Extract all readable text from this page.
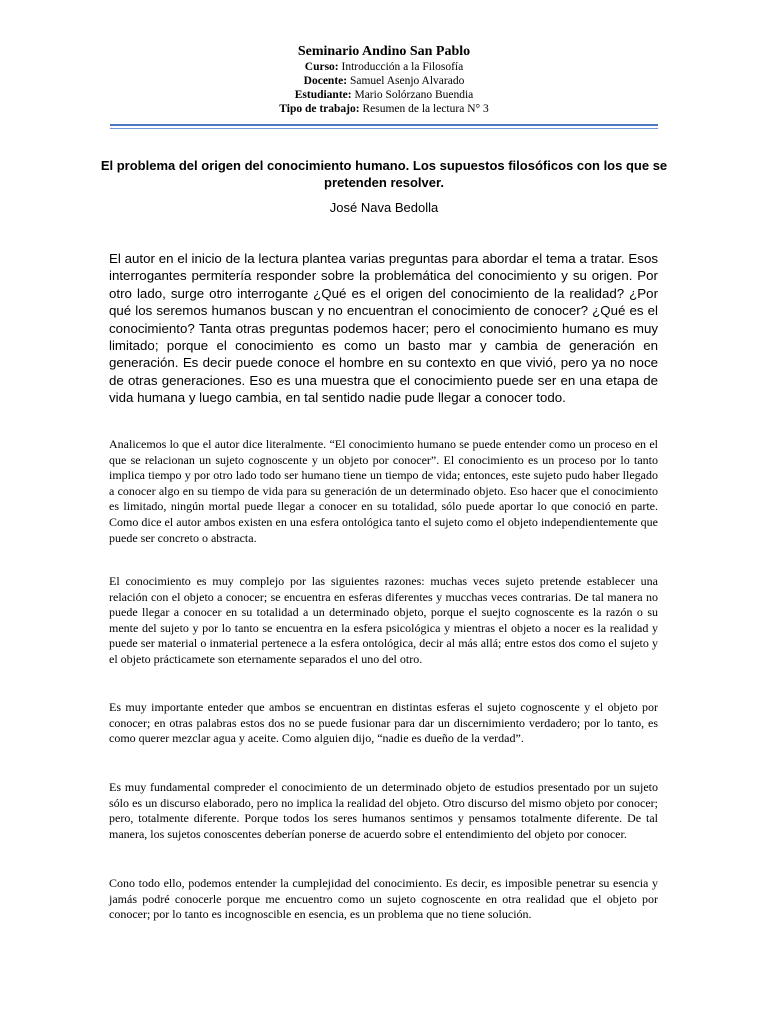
Seminario Andino San Pablo
Curso: Introducción a la Filosofía
Docente: Samuel Asenjo Alvarado
Estudiante: Mario Solórzano Buendia
Tipo de trabajo: Resumen de la lectura N° 3
El problema del origen del conocimiento humano. Los supuestos filosóficos con los que se pretenden resolver.
José Nava Bedolla

El autor en el inicio de la lectura plantea varias preguntas para abordar el tema a tratar. Esos interrogantes permitería responder sobre la problemática del conocimiento y su origen. Por otro lado, surge otro interrogante ¿Qué es el origen del conocimiento de la realidad? ¿Por qué los seremos humanos buscan y no encuentran el conocimiento de conocer? ¿Qué es el conocimiento? Tanta otras preguntas podemos hacer; pero el conocimiento humano es muy limitado; porque el conocimiento es como un basto mar y cambia de generación en generación. Es decir puede conoce el hombre en su contexto en que vivió, pero ya no noce de otras generaciones. Eso es una muestra que el conocimiento puede ser en una etapa de vida humana y luego cambia, en tal sentido nadie pude llegar a conocer todo.

Analicemos lo que el autor dice literalmente. “El conocimiento humano se puede entender como un proceso en el que se relacionan un sujeto cognoscente y un objeto por conocer”. El conocimiento es un proceso por lo tanto implica tiempo y por otro lado todo ser humano tiene un tiempo de vida; entonces, este sujeto pudo haber llegado a conocer algo en su tiempo de vida para su generación de un determinado objeto. Eso hacer que el conocimiento es limitado, ningún mortal puede llegar a conocer en su totalidad, sólo puede aportar lo que conoció en parte. Como dice el autor ambos existen en una esfera ontológica tanto el sujeto como el objeto independientemente que puede ser concreto o abstracta.

El conocimiento es muy complejo por las siguientes razones: muchas veces sujeto pretende establecer una relación con el objeto a conocer; se encuentra en esferas diferentes y mucchas veces contrarias. De tal manera no puede llegar a conocer en su totalidad a un determinado objeto, porque el suejto cognoscente es la razón o su mente del sujeto y por lo tanto se encuentra en la esfera psicológica y mientras el objeto a nocer es la realidad y puede ser material o inmaterial pertenece a la esfera ontológica, decir al más allá; entre estos dos como el sujeto y el objeto prácticamete son eternamente separados el uno del otro.

Es muy importante enteder que ambos se encuentran en distintas esferas el sujeto cognoscente y el objeto por conocer; en otras palabras estos dos no se puede fusionar para dar un discernimiento verdadero; por lo tanto, es como querer mezclar agua y aceite. Como alguien dijo, “nadie es dueño de la verdad”.

Es muy fundamental compreder el conocimiento de un determinado objeto de estudios presentado por un sujeto sólo es un discurso elaborado, pero no implica la realidad del objeto. Otro discurso del mismo objeto por conocer; pero, totalmente diferente. Porque todos los seres humanos sentimos y pensamos totalmente diferente. De tal manera, los sujetos conoscentes deberían ponerse de acuerdo sobre el entendimiento del objeto por conocer.

Cono todo ello, podemos entender la cumplejidad del conocimiento. Es decir, es imposible penetrar su esencia y jamás podré conocerle porque me encuentro como un sujeto cognoscente en otra realidad que el objeto por conocer; por lo tanto es incognoscible en esencia, es un problema que no tiene solución.
